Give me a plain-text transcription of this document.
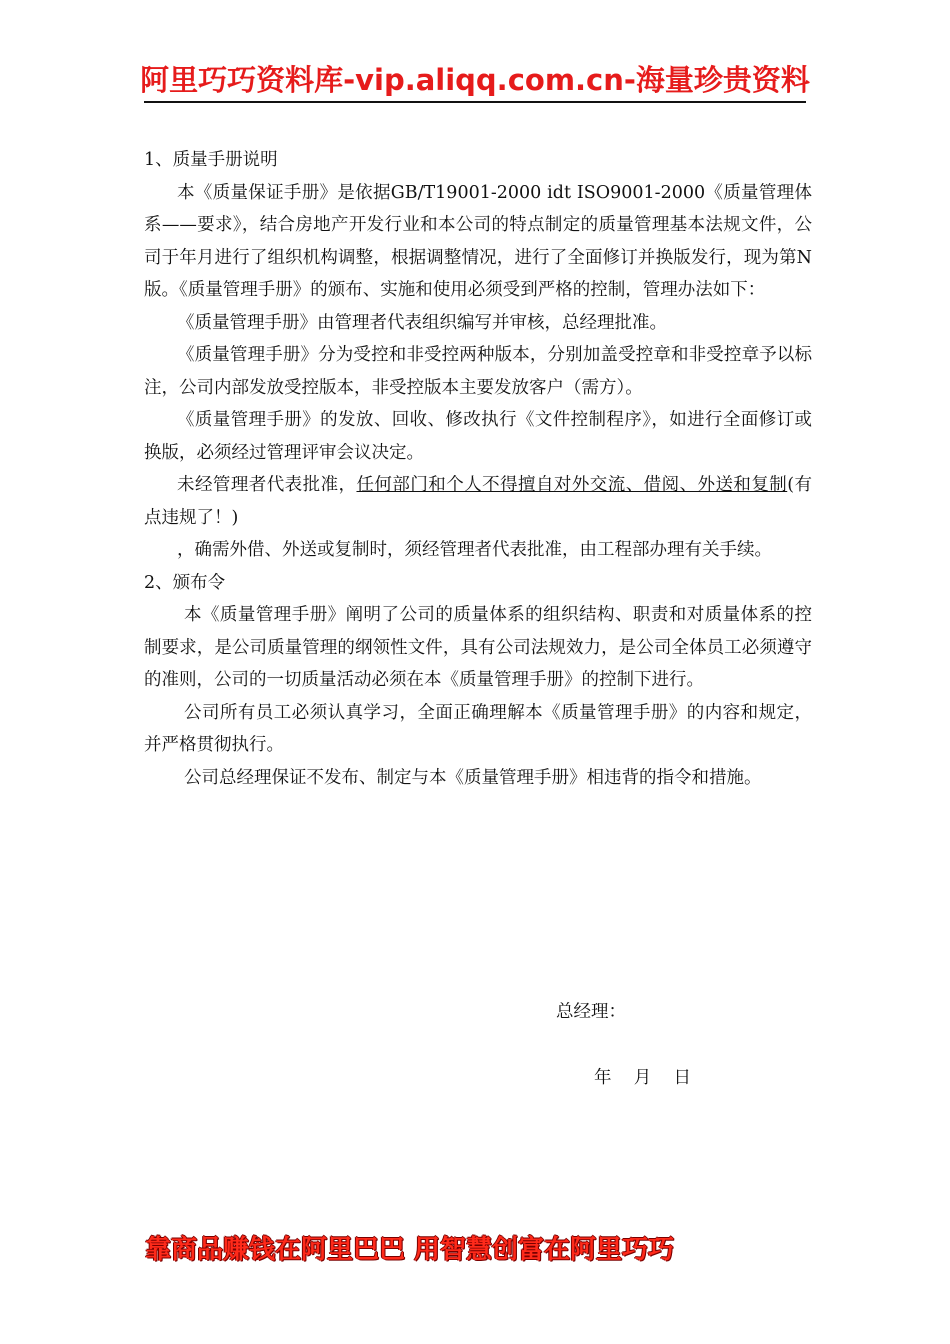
阿里巧巧资料库-vip.aliqq.com.cn-海量珍贵资料

1、质量手册说明

本《质量保证手册》是依据GB/T19001-2000 idt ISO9001-2000《质量管理体系——要求》，结合房地产开发行业和本公司的特点制定的质量管理基本法规文件，公司于年月进行了组织机构调整，根据调整情况，进行了全面修订并换版发行，现为第N版。《质量管理手册》的颁布、实施和使用必须受到严格的控制，管理办法如下：

《质量管理手册》由管理者代表组织编写并审核，总经理批准。

《质量管理手册》分为受控和非受控两种版本，分别加盖受控章和非受控章予以标注，公司内部发放受控版本，非受控版本主要发放客户（需方）。

《质量管理手册》的发放、回收、修改执行《文件控制程序》，如进行全面修订或换版，必须经过管理评审会议决定。

未经管理者代表批准，任何部门和个人不得擅自对外交流、借阅、外送和复制(有点违规了！)

，确需外借、外送或复制时，须经管理者代表批准，由工程部办理有关手续。

2、颁布令

本《质量管理手册》阐明了公司的质量体系的组织结构、职责和对质量体系的控制要求，是公司质量管理的纲领性文件，具有公司法规效力，是公司全体员工必须遵守的准则，公司的一切质量活动必须在本《质量管理手册》的控制下进行。

公司所有员工必须认真学习，全面正确理解本《质量管理手册》的内容和规定，并严格贯彻执行。

公司总经理保证不发布、制定与本《质量管理手册》相违背的指令和措施。

总经理：
年    月    日
靠商品赚钱在阿里巴巴 用智慧创富在阿里巧巧
